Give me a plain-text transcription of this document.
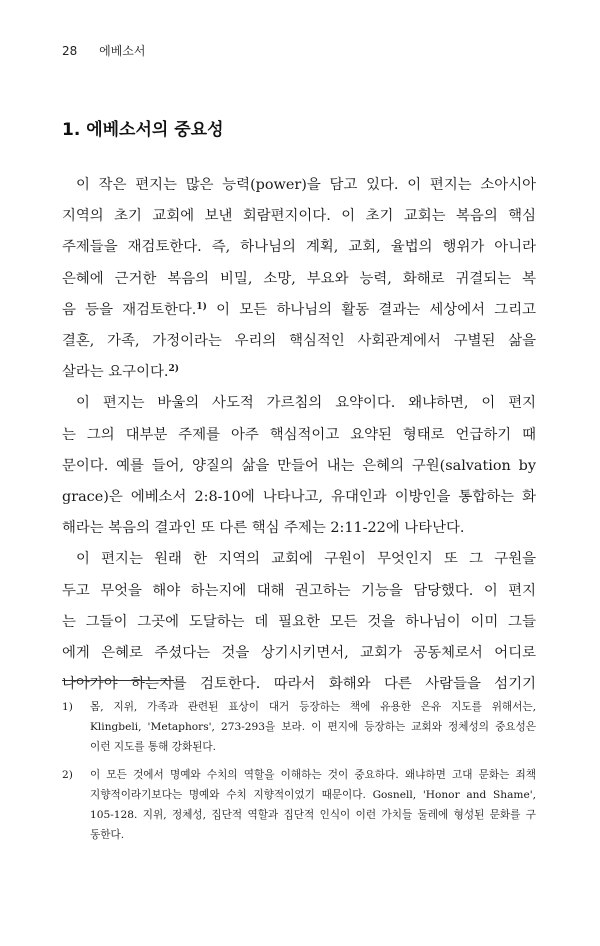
28 에베소서
1. 에베소서의 중요성
이 작은 편지는 많은 능력(power)을 담고 있다. 이 편지는 소아시아
지역의 초기 교회에 보낸 회람편지이다. 이 초기 교회는 복음의 핵심
주제들을 재검토한다. 즉, 하나님의 계획, 교회, 율법의 행위가 아니라
은혜에 근거한 복음의 비밀, 소망, 부요와 능력, 화해로 귀결되는 복
음 등을 재검토한다.$^{1)}$ 이 모든 하나님의 활동 결과는 세상에서 그리고
결혼, 가족, 가정이라는 우리의 핵심적인 사회관계에서 구별된 삶을
살라는 요구이다.$^{2)}$
이 편지는 바울의 사도적 가르침의 요약이다. 왜냐하면, 이 편지
는 그의 대부분 주제를 아주 핵심적이고 요약된 형태로 언급하기 때
문이다. 예를 들어, 양질의 삶을 만들어 내는 은혜의 구원(salvation by
grace)은 에베소서 2:8-10에 나타나고, 유대인과 이방인을 통합하는 화
해라는 복음의 결과인 또 다른 핵심 주제는 2:11-22에 나타난다.
이 편지는 원래 한 지역의 교회에 구원이 무엇인지 또 그 구원을
두고 무엇을 해야 하는지에 대해 권고하는 기능을 담당했다. 이 편지
는 그들이 그곳에 도달하는 데 필요한 모든 것을 하나님이 이미 그들
에게 은혜로 주셨다는 것을 상기시키면서, 교회가 공동체로서 어디로
나아가야 하는지를 검토한다. 따라서 화해와 다른 사람들을 섬기기
1)	몸, 지위, 가족과 관련된 표상이 대거 등장하는 책에 유용한 은유 지도를 위해서는,
Klingbeli, 'Metaphors', 273-293을 보라. 이 편지에 등장하는 교회와 정체성의 중요성은
이런 지도를 통해 강화된다.
2)	이 모든 것에서 명예와 수치의 역할을 이해하는 것이 중요하다. 왜냐하면 고대 문화는 죄책
지향적이라기보다는 명예와 수치 지향적이었기 때문이다. Gosnell, 'Honor and Shame',
105-128. 지위, 정체성, 집단적 역할과 집단적 인식이 이런 가치들 둘레에 형성된 문화를 구
동한다.
